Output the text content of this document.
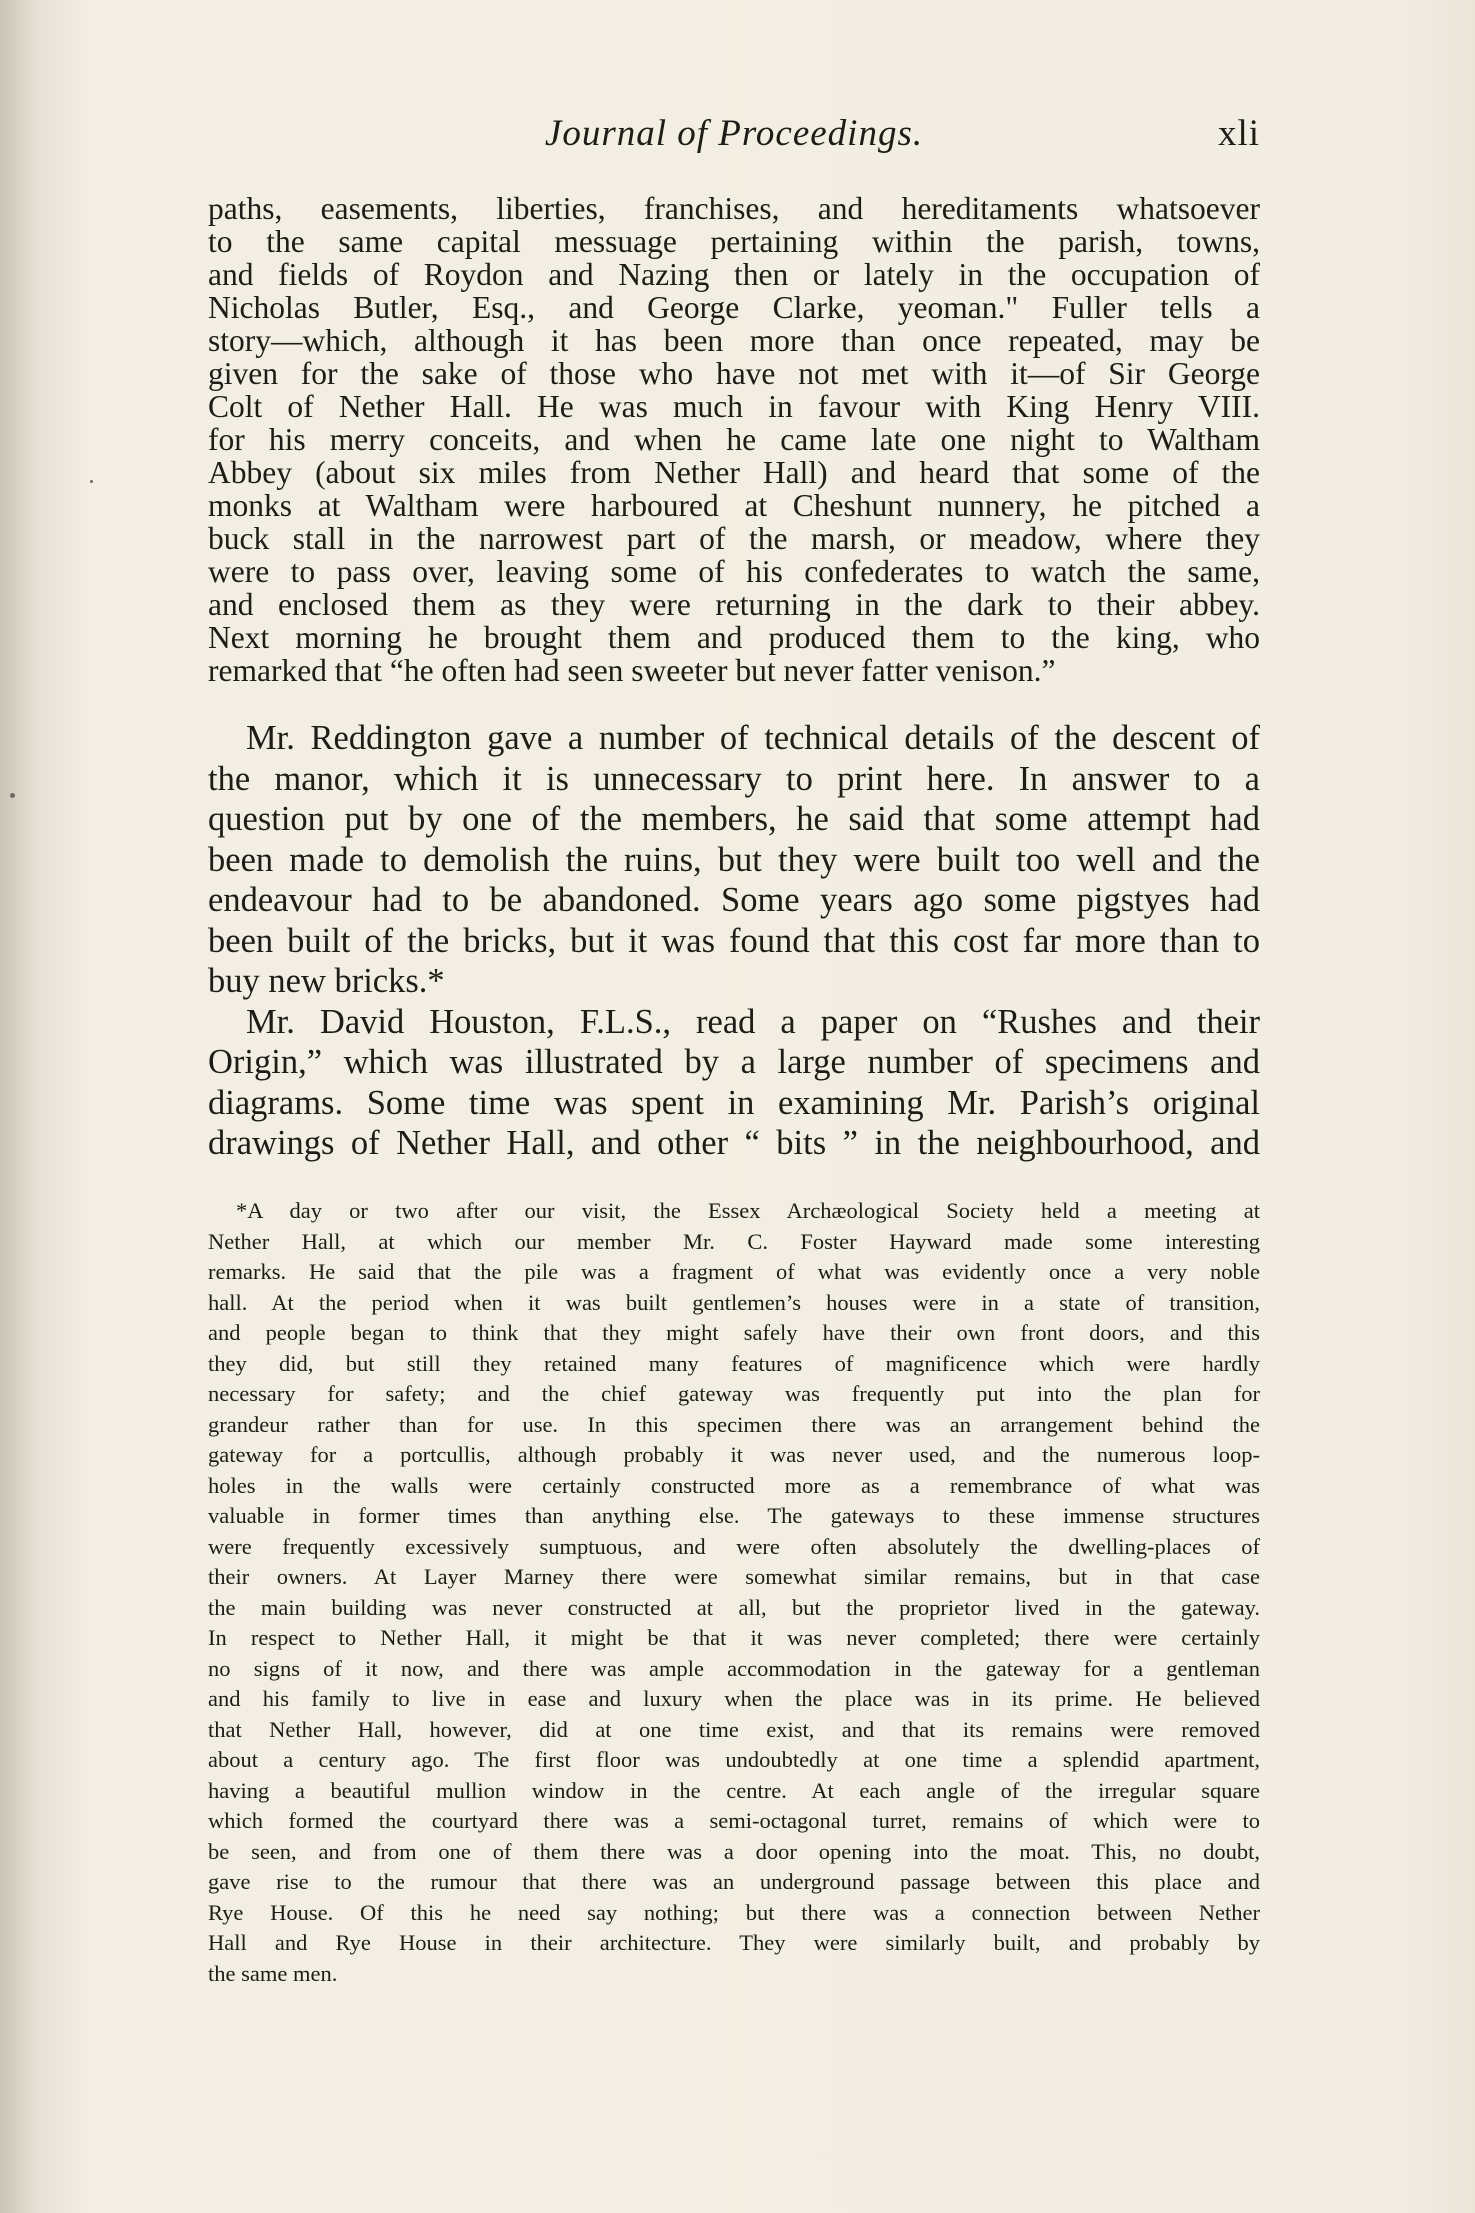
Journal of Proceedings.	xli
paths, easements, liberties, franchises, and hereditaments whatsoever
to the same capital messuage pertaining within the parish, towns,
and fields of Roydon and Nazing then or lately in the occupation of
Nicholas Butler, Esq., and George Clarke, yeoman." Fuller tells a
story—which, although it has been more than once repeated, may be
given for the sake of those who have not met with it—of Sir George
Colt of Nether Hall. He was much in favour with King Henry VIII.
for his merry conceits, and when he came late one night to Waltham
Abbey (about six miles from Nether Hall) and heard that some of the
monks at Waltham were harboured at Cheshunt nunnery, he pitched a
buck stall in the narrowest part of the marsh, or meadow, where they
were to pass over, leaving some of his confederates to watch the same,
and enclosed them as they were returning in the dark to their abbey.
Next morning he brought them and produced them to the king, who
remarked that “he often had seen sweeter but never fatter venison.”
Mr. Reddington gave a number of technical details of the descent of
the manor, which it is unnecessary to print here. In answer to a
question put by one of the members, he said that some attempt had
been made to demolish the ruins, but they were built too well and the
endeavour had to be abandoned. Some years ago some pigstyes had
been built of the bricks, but it was found that this cost far more than to
buy new bricks.*
Mr. David Houston, F.L.S., read a paper on “Rushes and their
Origin,” which was illustrated by a large number of specimens and
diagrams. Some time was spent in examining Mr. Parish’s original
drawings of Nether Hall, and other “ bits ” in the neighbourhood, and
*A day or two after our visit, the Essex Archæological Society held a meeting at
Nether Hall, at which our member Mr. C. Foster Hayward made some interesting
remarks. He said that the pile was a fragment of what was evidently once a very noble
hall. At the period when it was built gentlemen’s houses were in a state of transition,
and people began to think that they might safely have their own front doors, and this
they did, but still they retained many features of magnificence which were hardly
necessary for safety; and the chief gateway was frequently put into the plan for
grandeur rather than for use. In this specimen there was an arrangement behind the
gateway for a portcullis, although probably it was never used, and the numerous loop-
holes in the walls were certainly constructed more as a remembrance of what was
valuable in former times than anything else. The gateways to these immense structures
were frequently excessively sumptuous, and were often absolutely the dwelling-places of
their owners. At Layer Marney there were somewhat similar remains, but in that case
the main building was never constructed at all, but the proprietor lived in the gateway.
In respect to Nether Hall, it might be that it was never completed; there were certainly
no signs of it now, and there was ample accommodation in the gateway for a gentleman
and his family to live in ease and luxury when the place was in its prime. He believed
that Nether Hall, however, did at one time exist, and that its remains were removed
about a century ago. The first floor was undoubtedly at one time a splendid apartment,
having a beautiful mullion window in the centre. At each angle of the irregular square
which formed the courtyard there was a semi-octagonal turret, remains of which were to
be seen, and from one of them there was a door opening into the moat. This, no doubt,
gave rise to the rumour that there was an underground passage between this place and
Rye House. Of this he need say nothing; but there was a connection between Nether
Hall and Rye House in their architecture. They were similarly built, and probably by
the same men.
